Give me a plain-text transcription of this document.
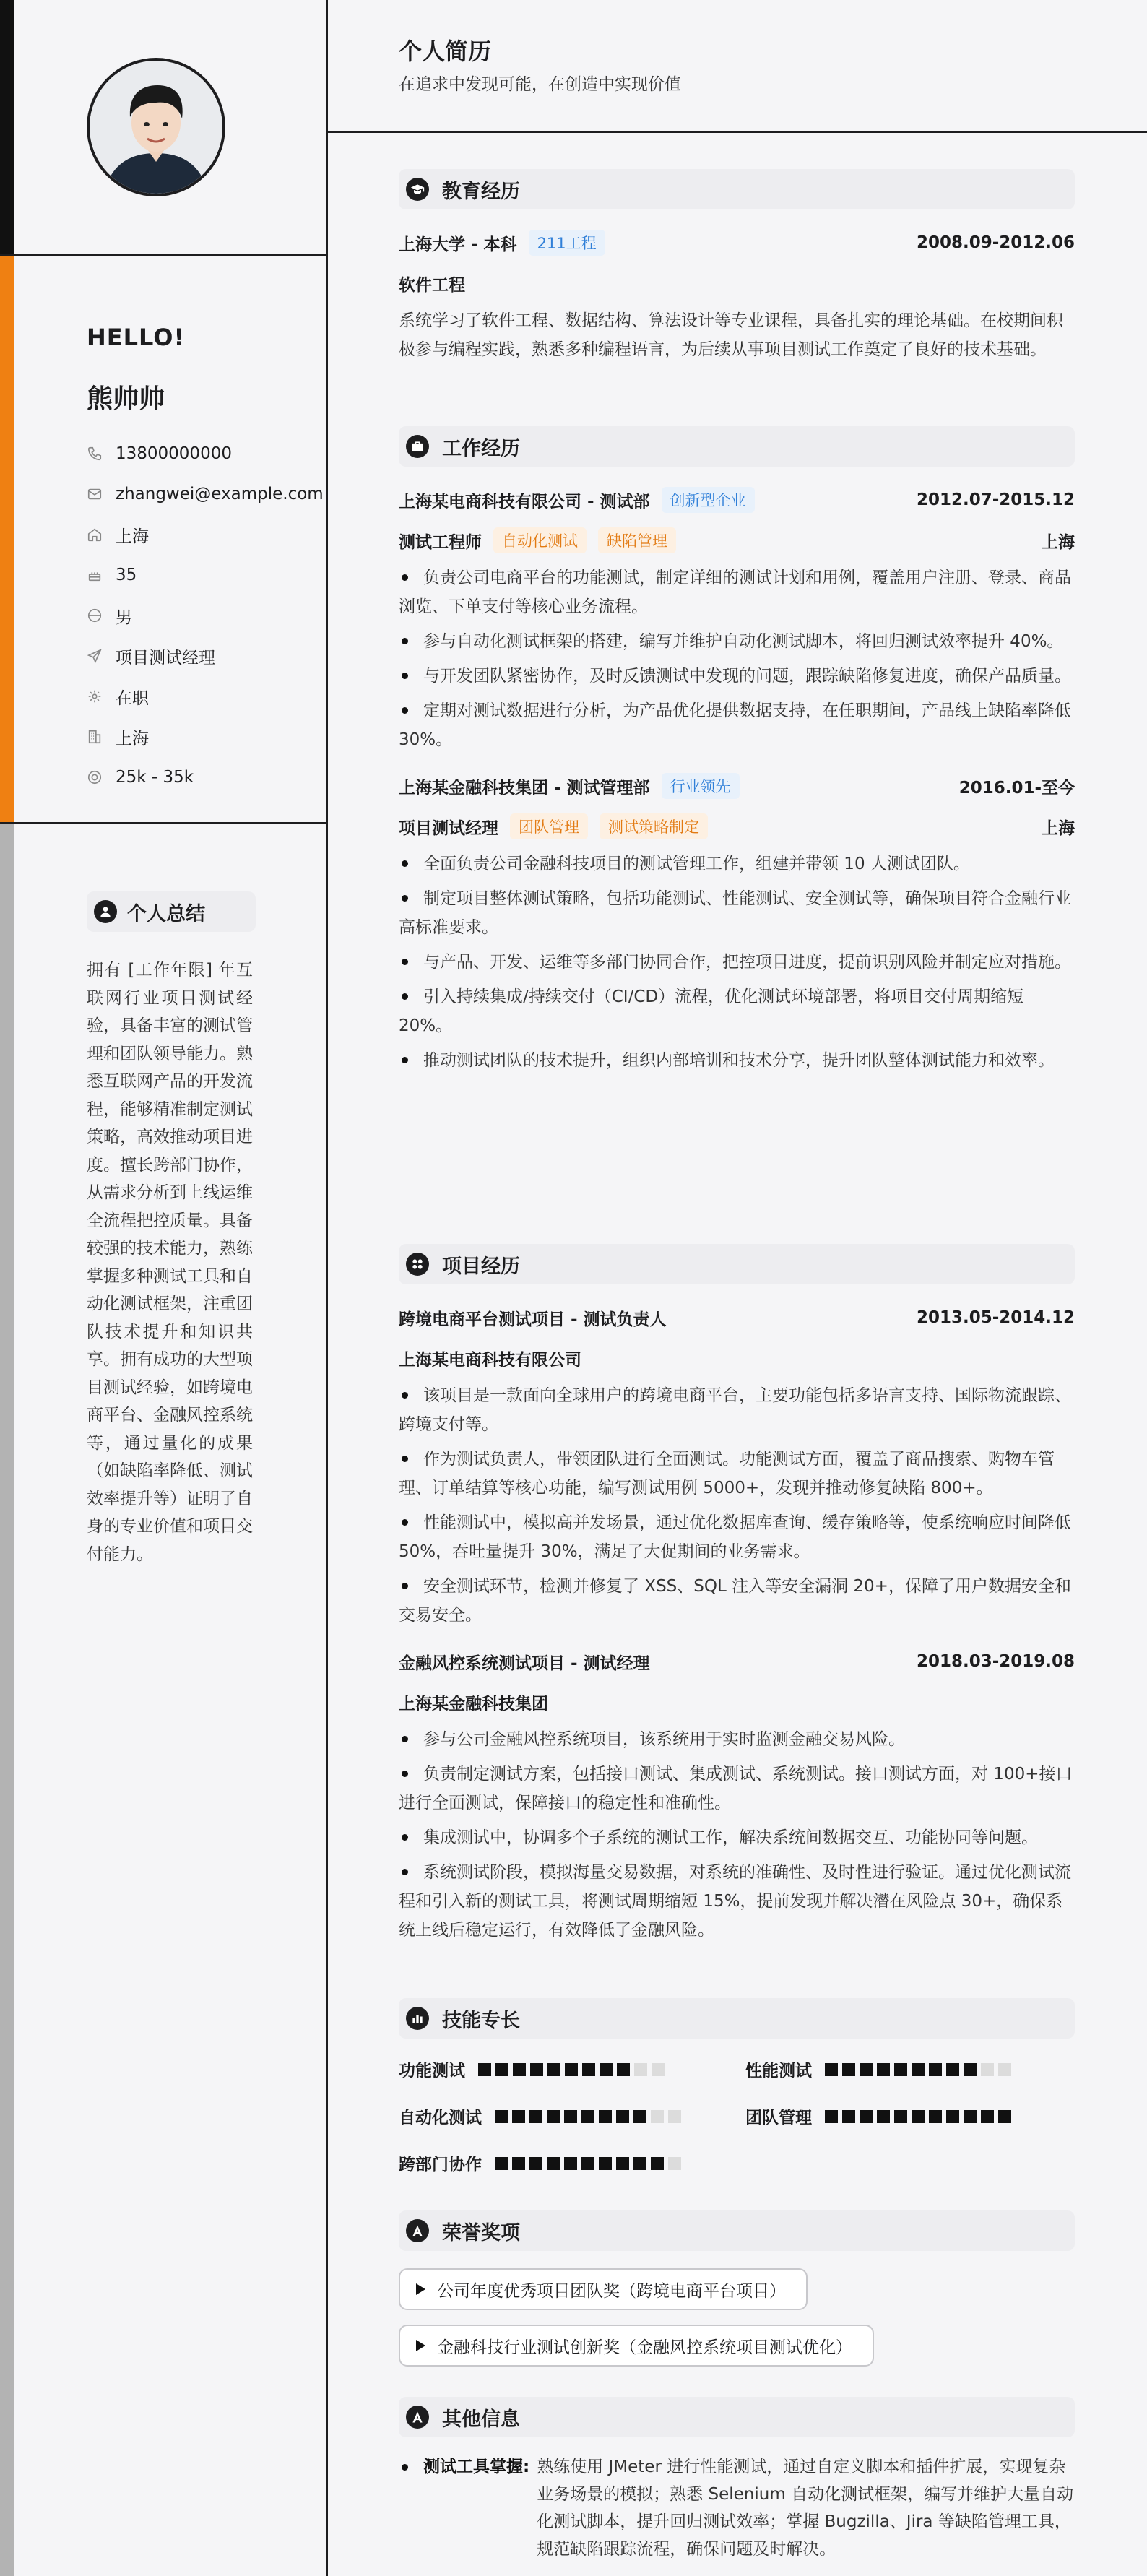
HELLO!
熊帅帅
13800000000
zhangwei@example.com
上海
35
男
项目测试经理
在职
上海
25k - 35k
个人总结
拥有 [工作年限] 年互联网行业项目测试经验，具备丰富的测试管理和团队领导能力。熟悉互联网产品的开发流程，能够精准制定测试策略，高效推动项目进度。擅长跨部门协作，从需求分析到上线运维全流程把控质量。具备较强的技术能力，熟练掌握多种测试工具和自动化测试框架，注重团队技术提升和知识共享。拥有成功的大型项目测试经验，如跨境电商平台、金融风控系统等，通过量化的成果（如缺陷率降低、测试效率提升等）证明了自身的专业价值和项目交付能力。
个人简历
在追求中发现可能，在创造中实现价值
教育经历
上海大学 - 本科	211工程	2008.09-2012.06
软件工程
系统学习了软件工程、数据结构、算法设计等专业课程，具备扎实的理论基础。在校期间积极参与编程实践，熟悉多种编程语言，为后续从事项目测试工作奠定了良好的技术基础。
工作经历
上海某电商科技有限公司 - 测试部	创新型企业	2012.07-2015.12
测试工程师	自动化测试	缺陷管理	上海
负责公司电商平台的功能测试，制定详细的测试计划和用例，覆盖用户注册、登录、商品浏览、下单支付等核心业务流程。
参与自动化测试框架的搭建，编写并维护自动化测试脚本，将回归测试效率提升 40%。
与开发团队紧密协作，及时反馈测试中发现的问题，跟踪缺陷修复进度，确保产品质量。
定期对测试数据进行分析，为产品优化提供数据支持，在任职期间，产品线上缺陷率降低 30%。
上海某金融科技集团 - 测试管理部	行业领先	2016.01-至今
项目测试经理	团队管理	测试策略制定	上海
全面负责公司金融科技项目的测试管理工作，组建并带领 10 人测试团队。
制定项目整体测试策略，包括功能测试、性能测试、安全测试等，确保项目符合金融行业高标准要求。
与产品、开发、运维等多部门协同合作，把控项目进度，提前识别风险并制定应对措施。
引入持续集成/持续交付（CI/CD）流程，优化测试环境部署，将项目交付周期缩短 20%。
推动测试团队的技术提升，组织内部培训和技术分享，提升团队整体测试能力和效率。
项目经历
跨境电商平台测试项目 - 测试负责人	2013.05-2014.12
上海某电商科技有限公司
该项目是一款面向全球用户的跨境电商平台，主要功能包括多语言支持、国际物流跟踪、跨境支付等。
作为测试负责人，带领团队进行全面测试。功能测试方面，覆盖了商品搜索、购物车管理、订单结算等核心功能，编写测试用例 5000+，发现并推动修复缺陷 800+。
性能测试中，模拟高并发场景，通过优化数据库查询、缓存策略等，使系统响应时间降低 50%，吞吐量提升 30%，满足了大促期间的业务需求。
安全测试环节，检测并修复了 XSS、SQL 注入等安全漏洞 20+，保障了用户数据安全和交易安全。
金融风控系统测试项目 - 测试经理	2018.03-2019.08
上海某金融科技集团
参与公司金融风控系统项目，该系统用于实时监测金融交易风险。
负责制定测试方案，包括接口测试、集成测试、系统测试。接口测试方面，对 100+接口进行全面测试，保障接口的稳定性和准确性。
集成测试中，协调多个子系统的测试工作，解决系统间数据交互、功能协同等问题。
系统测试阶段，模拟海量交易数据，对系统的准确性、及时性进行验证。通过优化测试流程和引入新的测试工具，将测试周期缩短 15%，提前发现并解决潜在风险点 30+，确保系统上线后稳定运行，有效降低了金融风险。
技能专长
功能测试	性能测试
自动化测试	团队管理
跨部门协作
荣誉奖项
公司年度优秀项目团队奖（跨境电商平台项目）

金融科技行业测试创新奖（金融风控系统项目测试优化）
其他信息
测试工具掌握: 熟练使用 JMeter 进行性能测试，通过自定义脚本和插件扩展，实现复杂业务场景的模拟；熟悉 Selenium 自动化测试框架，编写并维护大量自动化测试脚本，提升回归测试效率；掌握 Bugzilla、Jira 等缺陷管理工具，规范缺陷跟踪流程，确保问题及时解决。
